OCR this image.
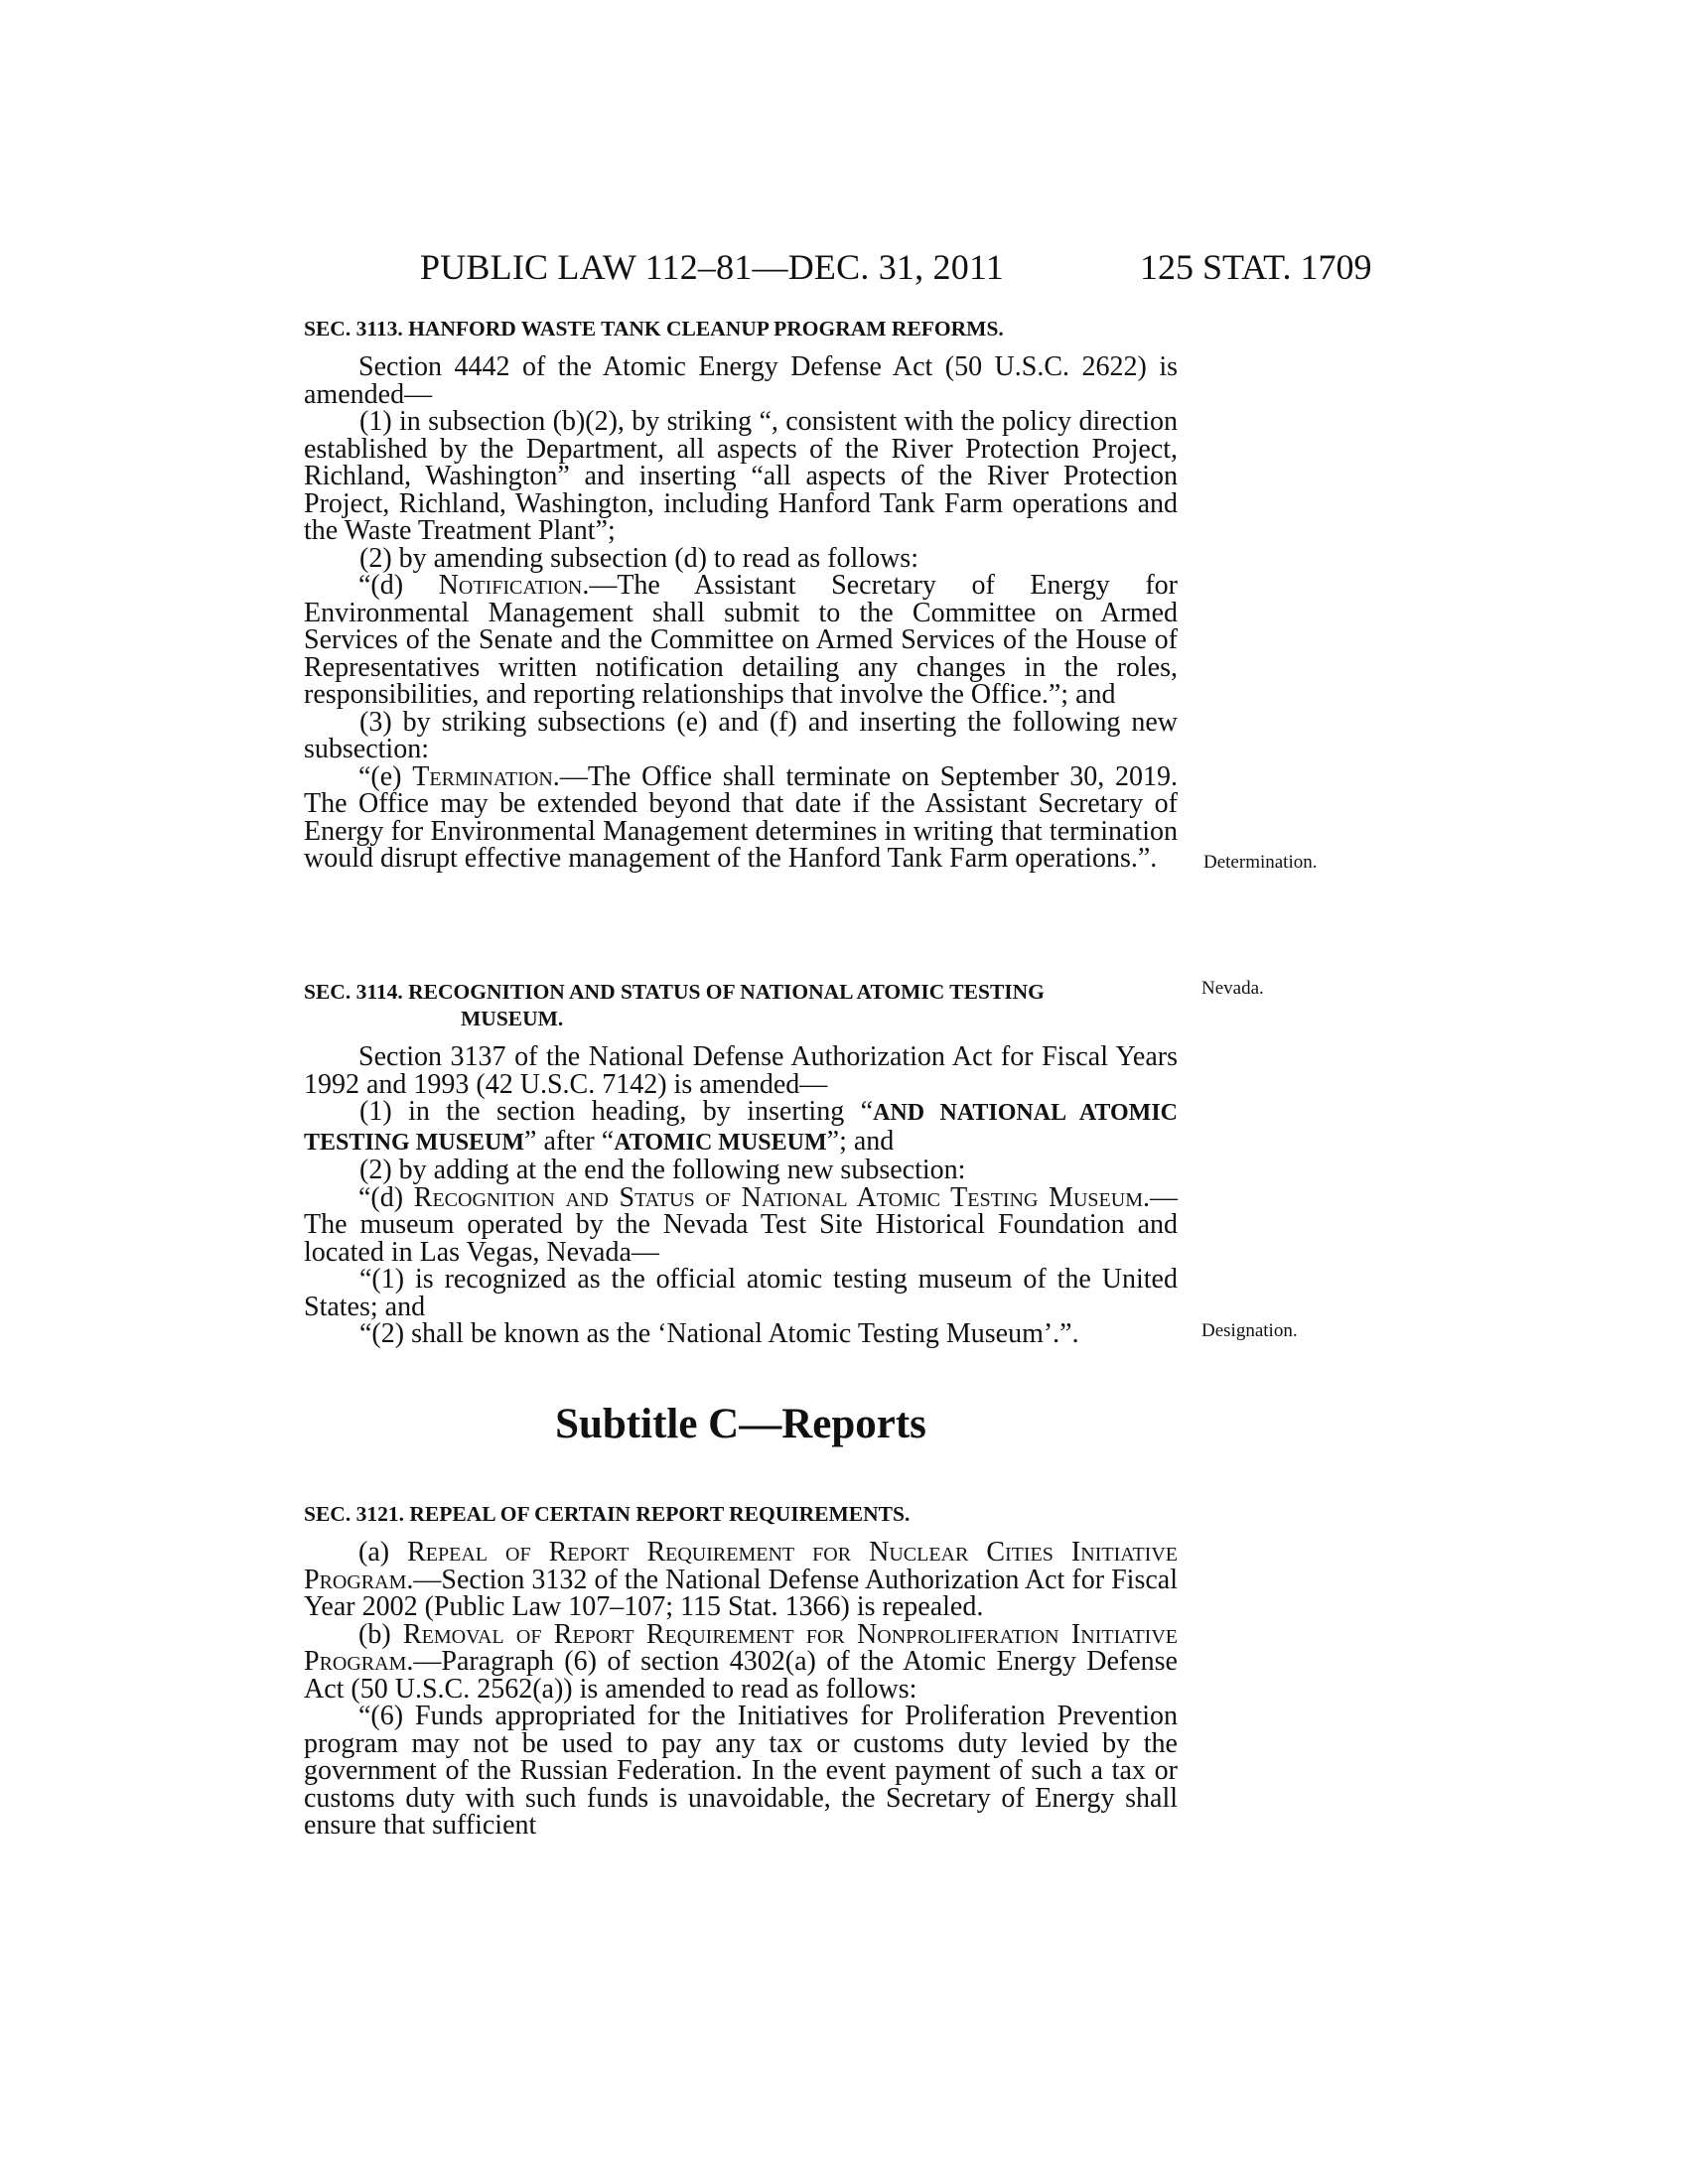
PUBLIC LAW 112–81—DEC. 31, 2011	125 STAT. 1709

SEC. 3113. HANFORD WASTE TANK CLEANUP PROGRAM REFORMS.

Section 4442 of the Atomic Energy Defense Act (50 U.S.C. 2622) is amended—

(1) in subsection (b)(2), by striking “, consistent with the policy direction established by the Department, all aspects of the River Protection Project, Richland, Washington” and inserting “all aspects of the River Protection Project, Richland, Washington, including Hanford Tank Farm operations and the Waste Treatment Plant”;

(2) by amending subsection (d) to read as follows:

“(d) Notification.—The Assistant Secretary of Energy for Environmental Management shall submit to the Committee on Armed Services of the Senate and the Committee on Armed Services of the House of Representatives written notification detailing any changes in the roles, responsibilities, and reporting relationships that involve the Office.”; and

(3) by striking subsections (e) and (f) and inserting the following new subsection:

“(e) Termination.—The Office shall terminate on September 30, 2019. The Office may be extended beyond that date if the Assistant Secretary of Energy for Environmental Management determines in writing that termination would disrupt effective management of the Hanford Tank Farm operations.”.	Determination.

SEC. 3114. RECOGNITION AND STATUS OF NATIONAL ATOMIC TESTING
MUSEUM.

Section 3137 of the National Defense Authorization Act for Fiscal Years 1992 and 1993 (42 U.S.C. 7142) is amended—

(1) in the section heading, by inserting “AND NATIONAL ATOMIC TESTING MUSEUM” after “ATOMIC MUSEUM”; and

(2) by adding at the end the following new subsection:

“(d) Recognition and Status of National Atomic Testing Museum.—The museum operated by the Nevada Test Site Historical Foundation and located in Las Vegas, Nevada—

“(1) is recognized as the official atomic testing museum of the United States; and

“(2) shall be known as the ‘National Atomic Testing Museum’.”.

Nevada.
Designation.
Subtitle C—Reports

SEC. 3121. REPEAL OF CERTAIN REPORT REQUIREMENTS.

(a) Repeal of Report Requirement for Nuclear Cities Initiative Program.—Section 3132 of the National Defense Authorization Act for Fiscal Year 2002 (Public Law 107–107; 115 Stat. 1366) is repealed.

(b) Removal of Report Requirement for Nonproliferation Initiative Program.—Paragraph (6) of section 4302(a) of the Atomic Energy Defense Act (50 U.S.C. 2562(a)) is amended to read as follows:

“(6) Funds appropriated for the Initiatives for Proliferation Prevention program may not be used to pay any tax or customs duty levied by the government of the Russian Federation. In the event payment of such a tax or customs duty with such funds is unavoidable, the Secretary of Energy shall ensure that sufficient
